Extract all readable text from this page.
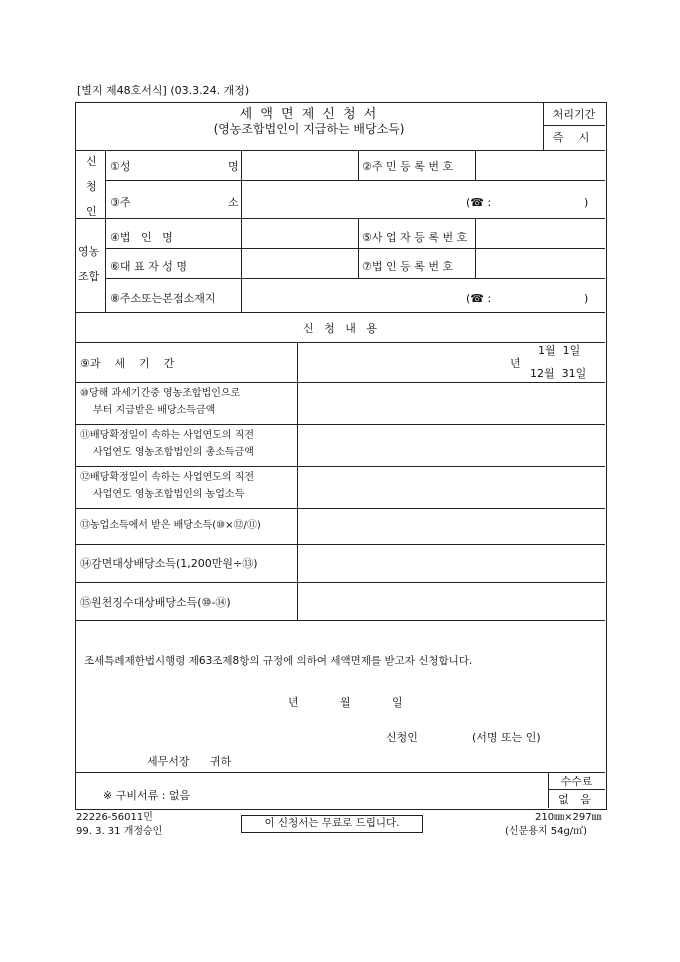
[별지 제48호서식] (03.3.24. 개정)
세 액 면 제 신 청 서
(영농조합법인이 지급하는 배당소득)
처리기간
즉 시
신
청
인
①성	명	②주 민 등 록 번 호
③주	소	(☎ :	)
영농
조합
④법   인   명	⑤사 업 자 등 록 번 호
⑥대 표 자 성 명	⑦법 인 등 록 번 호
⑧주소또는본점소재지	(☎ :	)
신   청   내   용
⑨과    세    기    간	년
1월  1일
12월  31일
⑩당해 과세기간중 영농조합법인으로
부터 지급받은 배당소득금액
⑪배당확정일이 속하는 사업연도의 직전
사업연도 영농조합법인의 총소득금액
⑫배당확정일이 속하는 사업연도의 직전
사업연도 영농조합법인의 농업소득
⑬농업소득에서 받은 배당소득(⑩×⑫/⑪)
⑭감면대상배당소득(1,200만원÷⑬)
⑮원천징수대상배당소득(⑩-⑭)
조세특례제한법시행령 제63조제8항의 규정에 의하여 세액면제를 받고자 신청합니다.
년	월	일
신청인	(서명 또는 인)
세무서장 귀하
※ 구비서류 : 없음
수수료
없 음
22226-56011민
99. 3. 31 개정승인
이 신청서는 무료로 드립니다.	210㎜×297㎜
(신문용지 54g/㎡)
